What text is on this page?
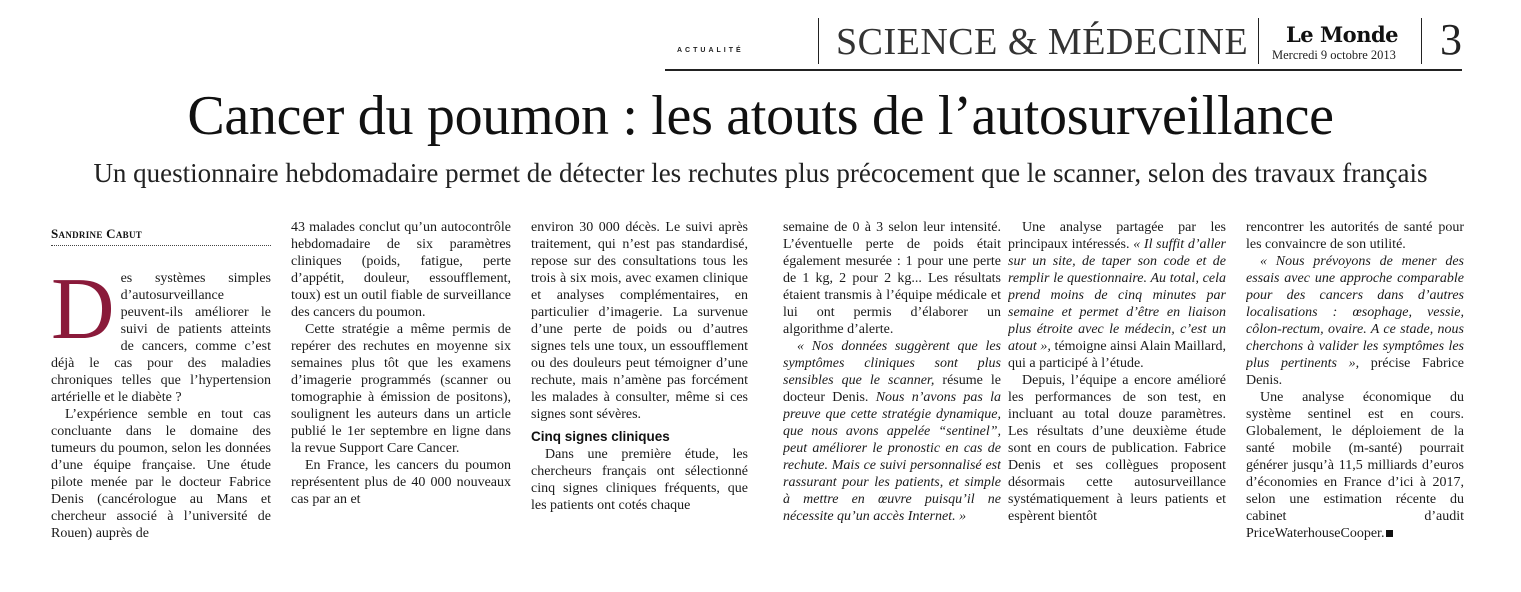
actualité SCIENCE & MÉDECINE Le Monde
Mercredi 9 octobre 2013 3
Cancer du poumon : les atouts de l’autosurveillance
Un questionnaire hebdomadaire permet de détecter les rechutes plus précocement que le scanner, selon des travaux français
Sandrine Cabut
D es systèmes simples d’autosurveillance peuvent-ils améliorer le suivi de patients atteints de cancers, comme c’est déjà le cas pour des maladies chroniques telles que l’hypertension artérielle et le diabète ?

L’expérience semble en tout cas concluante dans le domaine des tumeurs du poumon, selon les données d’une équipe française. Une étude pilote menée par le docteur Fabrice Denis (cancérologue au Mans et chercheur associé à l’université de Rouen) auprès de

43 malades conclut qu’un autocontrôle hebdomadaire de six paramètres cliniques (poids, fatigue, perte d’appétit, douleur, essoufflement, toux) est un outil fiable de surveillance des cancers du poumon.

Cette stratégie a même permis de repérer des rechutes en moyenne six semaines plus tôt que les examens d’imagerie programmés (scanner ou tomographie à émission de positons), soulignent les auteurs dans un article publié le 1er septembre en ligne dans la revue Support Care Cancer.

En France, les cancers du poumon représentent plus de 40 000 nouveaux cas par an et

environ 30 000 décès. Le suivi après traitement, qui n’est pas standardisé, repose sur des consultations tous les trois à six mois, avec examen clinique et analyses complémentaires, en particulier d’imagerie. La survenue d’une perte de poids ou d’autres signes tels une toux, un essoufflement ou des douleurs peut témoigner d’une rechute, mais n’amène pas forcément les malades à consulter, même si ces signes sont sévères.

Cinq signes cliniques

Dans une première étude, les chercheurs français ont sélectionné cinq signes cliniques fréquents, que les patients ont cotés chaque

semaine de 0 à 3 selon leur intensité. L’éventuelle perte de poids était également mesurée : 1 pour une perte de 1 kg, 2 pour 2 kg... Les résultats étaient transmis à l’équipe médicale et lui ont permis d’élaborer un algorithme d’alerte.

« Nos données suggèrent que les symptômes cliniques sont plus sensibles que le scanner, résume le docteur Denis. Nous n’avons pas la preuve que cette stratégie dynamique, que nous avons appelée “sentinel”, peut améliorer le pronostic en cas de rechute. Mais ce suivi personnalisé est rassurant pour les patients, et simple à mettre en œuvre puisqu’il ne nécessite qu’un accès Internet. »

Une analyse partagée par les principaux intéressés. « Il suffit d’aller sur un site, de taper son code et de remplir le questionnaire. Au total, cela prend moins de cinq minutes par semaine et permet d’être en liaison plus étroite avec le médecin, c’est un atout », témoigne ainsi Alain Maillard, qui a participé à l’étude.

Depuis, l’équipe a encore amélioré les performances de son test, en incluant au total douze paramètres. Les résultats d’une deuxième étude sont en cours de publication. Fabrice Denis et ses collègues proposent désormais cette autosurveillance systématiquement à leurs patients et espèrent bientôt

rencontrer les autorités de santé pour les convaincre de son utilité.

« Nous prévoyons de mener des essais avec une approche comparable pour des cancers dans d’autres localisations : œsophage, vessie, côlon-rectum, ovaire. A ce stade, nous cherchons à valider les symptômes les plus pertinents », précise Fabrice Denis.

Une analyse économique du système sentinel est en cours. Globalement, le déploiement de la santé mobile (m-santé) pourrait générer jusqu’à 11,5 milliards d’euros d’économies en France d’ici à 2017, selon une estimation récente du cabinet d’audit PriceWaterhouseCooper.
